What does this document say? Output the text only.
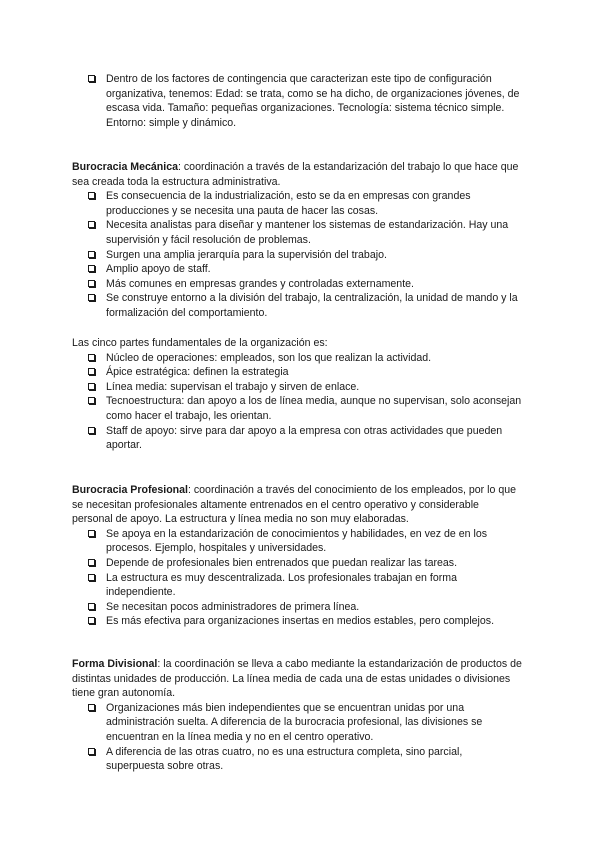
Dentro de los factores de contingencia que caracterizan este tipo de configuración organizativa, tenemos: Edad: se trata, como se ha dicho, de organizaciones jóvenes, de escasa vida. Tamaño: pequeñas organizaciones. Tecnología: sistema técnico simple. Entorno: simple y dinámico.

Burocracia Mecánica: coordinación a través de la estandarización del trabajo lo que hace que sea creada toda la estructura administrativa.

Es consecuencia de la industrialización, esto se da en empresas con grandes producciones y se necesita una pauta de hacer las cosas.
Necesita analistas para diseñar y mantener los sistemas de estandarización. Hay una supervisión y fácil resolución de problemas.
Surgen una amplia jerarquía para la supervisión del trabajo.
Amplio apoyo de staff.
Más comunes en empresas grandes y controladas externamente.
Se construye entorno a la división del trabajo, la centralización, la unidad de mando y la formalización del comportamiento.

Las cinco partes fundamentales de la organización es:

Núcleo de operaciones: empleados, son los que realizan la actividad.
Ápice estratégica: definen la estrategia
Línea media: supervisan el trabajo y sirven de enlace.
Tecnoestructura: dan apoyo a los de línea media, aunque no supervisan, solo aconsejan como hacer el trabajo, les orientan.
Staff de apoyo: sirve para dar apoyo a la empresa con otras actividades que pueden aportar.

Burocracia Profesional: coordinación a través del conocimiento de los empleados, por lo que se necesitan profesionales altamente entrenados en el centro operativo y considerable personal de apoyo. La estructura y línea media no son muy elaboradas.

Se apoya en la estandarización de conocimientos y habilidades, en vez de en los procesos. Ejemplo, hospitales y universidades.
Depende de profesionales bien entrenados que puedan realizar las tareas.
La estructura es muy descentralizada. Los profesionales trabajan en forma independiente.
Se necesitan pocos administradores de primera línea.
Es más efectiva para organizaciones insertas en medios estables, pero complejos.

Forma Divisional: la coordinación se lleva a cabo mediante la estandarización de productos de distintas unidades de producción. La línea media de cada una de estas unidades o divisiones tiene gran autonomía.

Organizaciones más bien independientes que se encuentran unidas por una administración suelta. A diferencia de la burocracia profesional, las divisiones se encuentran en la línea media y no en el centro operativo.
A diferencia de las otras cuatro, no es una estructura completa, sino parcial, superpuesta sobre otras.
